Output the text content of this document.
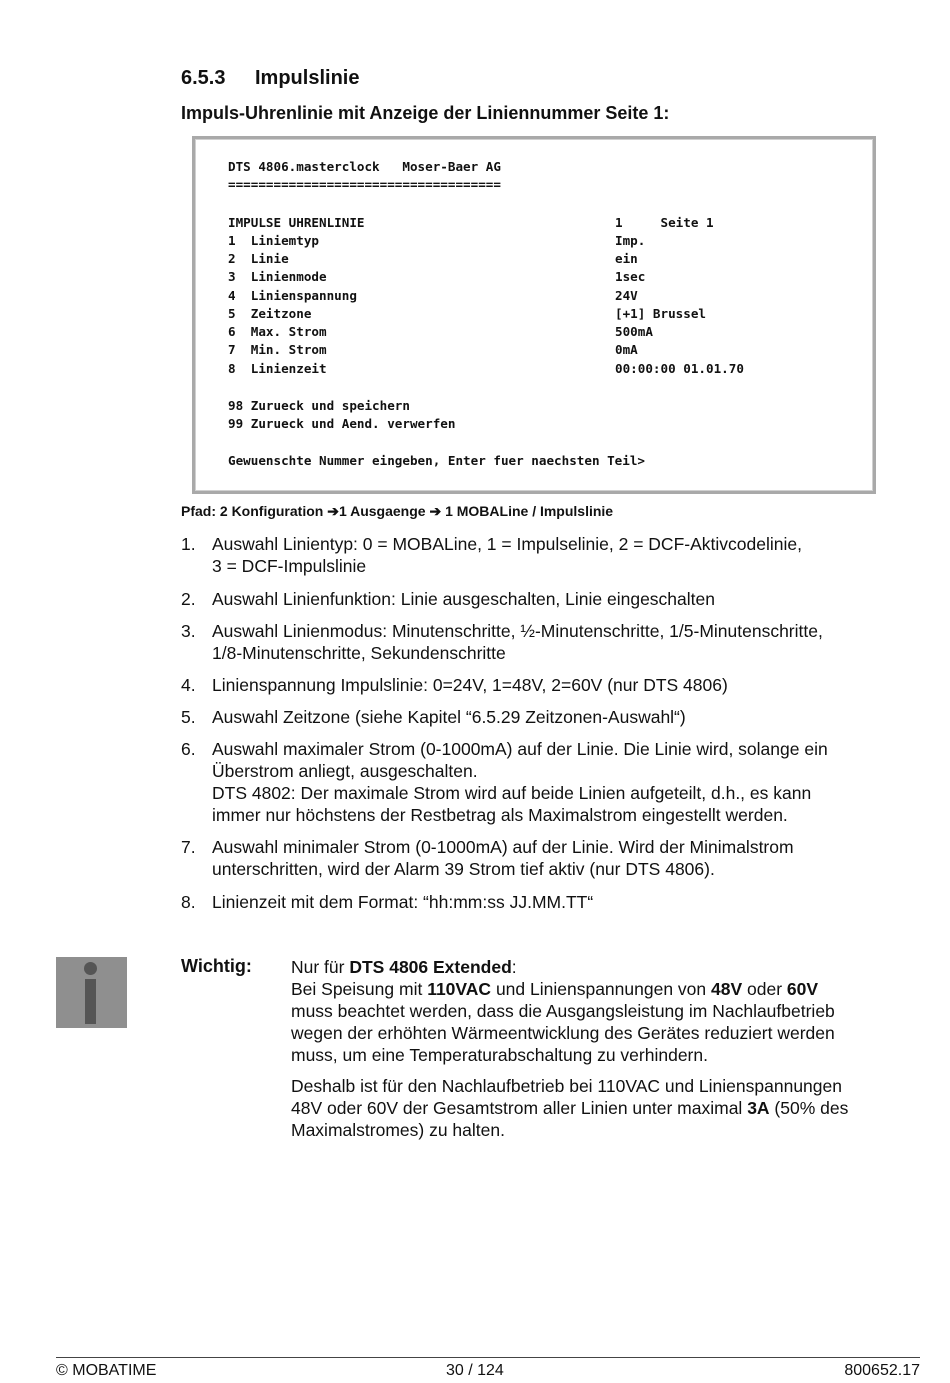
6.5.3 Impulslinie
Impuls-Uhrenlinie mit Anzeige der Liniennummer Seite 1:
DTS 4806.masterclock   Moser-Baer AG
====================================
IMPULSE UHRENLINIE	1     Seite 1
1  Liniemtyp	Imp.
2  Linie	ein
3  Linienmode	1sec
4  Linienspannung	24V
5  Zeitzone	[+1] Brussel
6  Max. Strom	500mA
7  Min. Strom	0mA
8  Linienzeit	00:00:00 01.01.70
98 Zurueck und speichern
99 Zurueck und Aend. verwerfen
Gewuenschte Nummer eingeben, Enter fuer naechsten Teil>
Pfad: 2 Konfiguration ➔1 Ausgaenge ➔ 1 MOBALine / Impulslinie
1. Auswahl Linientyp: 0 = MOBALine, 1 = Impulselinie, 2 = DCF-Aktivcodelinie,
3 = DCF-Impulslinie
2. Auswahl Linienfunktion: Linie ausgeschalten, Linie eingeschalten
3. Auswahl Linienmodus: Minutenschritte, ½-Minutenschritte, 1/5-Minutenschritte,
1/8-Minutenschritte, Sekundenschritte
4. Linienspannung Impulslinie: 0=24V, 1=48V, 2=60V (nur DTS 4806)
5. Auswahl Zeitzone (siehe Kapitel “6.5.29 Zeitzonen-Auswahl“)
6. Auswahl maximaler Strom (0-1000mA) auf der Linie. Die Linie wird, solange ein
Überstrom anliegt, ausgeschalten.
DTS 4802: Der maximale Strom wird auf beide Linien aufgeteilt, d.h., es kann
immer nur höchstens der Restbetrag als Maximalstrom eingestellt werden.
7. Auswahl minimaler Strom (0-1000mA) auf der Linie. Wird der Minimalstrom
unterschritten, wird der Alarm 39 Strom tief aktiv (nur DTS 4806).
8. Linienzeit mit dem Format: “hh:mm:ss JJ.MM.TT“
Wichtig: Nur für DTS 4806 Extended:
Bei Speisung mit 110VAC und Linienspannungen von 48V oder 60V
muss beachtet werden, dass die Ausgangsleistung im Nachlaufbetrieb
wegen der erhöhten Wärmeentwicklung des Gerätes reduziert werden
muss, um eine Temperaturabschaltung zu verhindern.
Deshalb ist für den Nachlaufbetrieb bei 110VAC und Linienspannungen
48V oder 60V der Gesamtstrom aller Linien unter maximal 3A (50% des
Maximalstromes) zu halten.
© MOBATIME	30 / 124	800652.17
